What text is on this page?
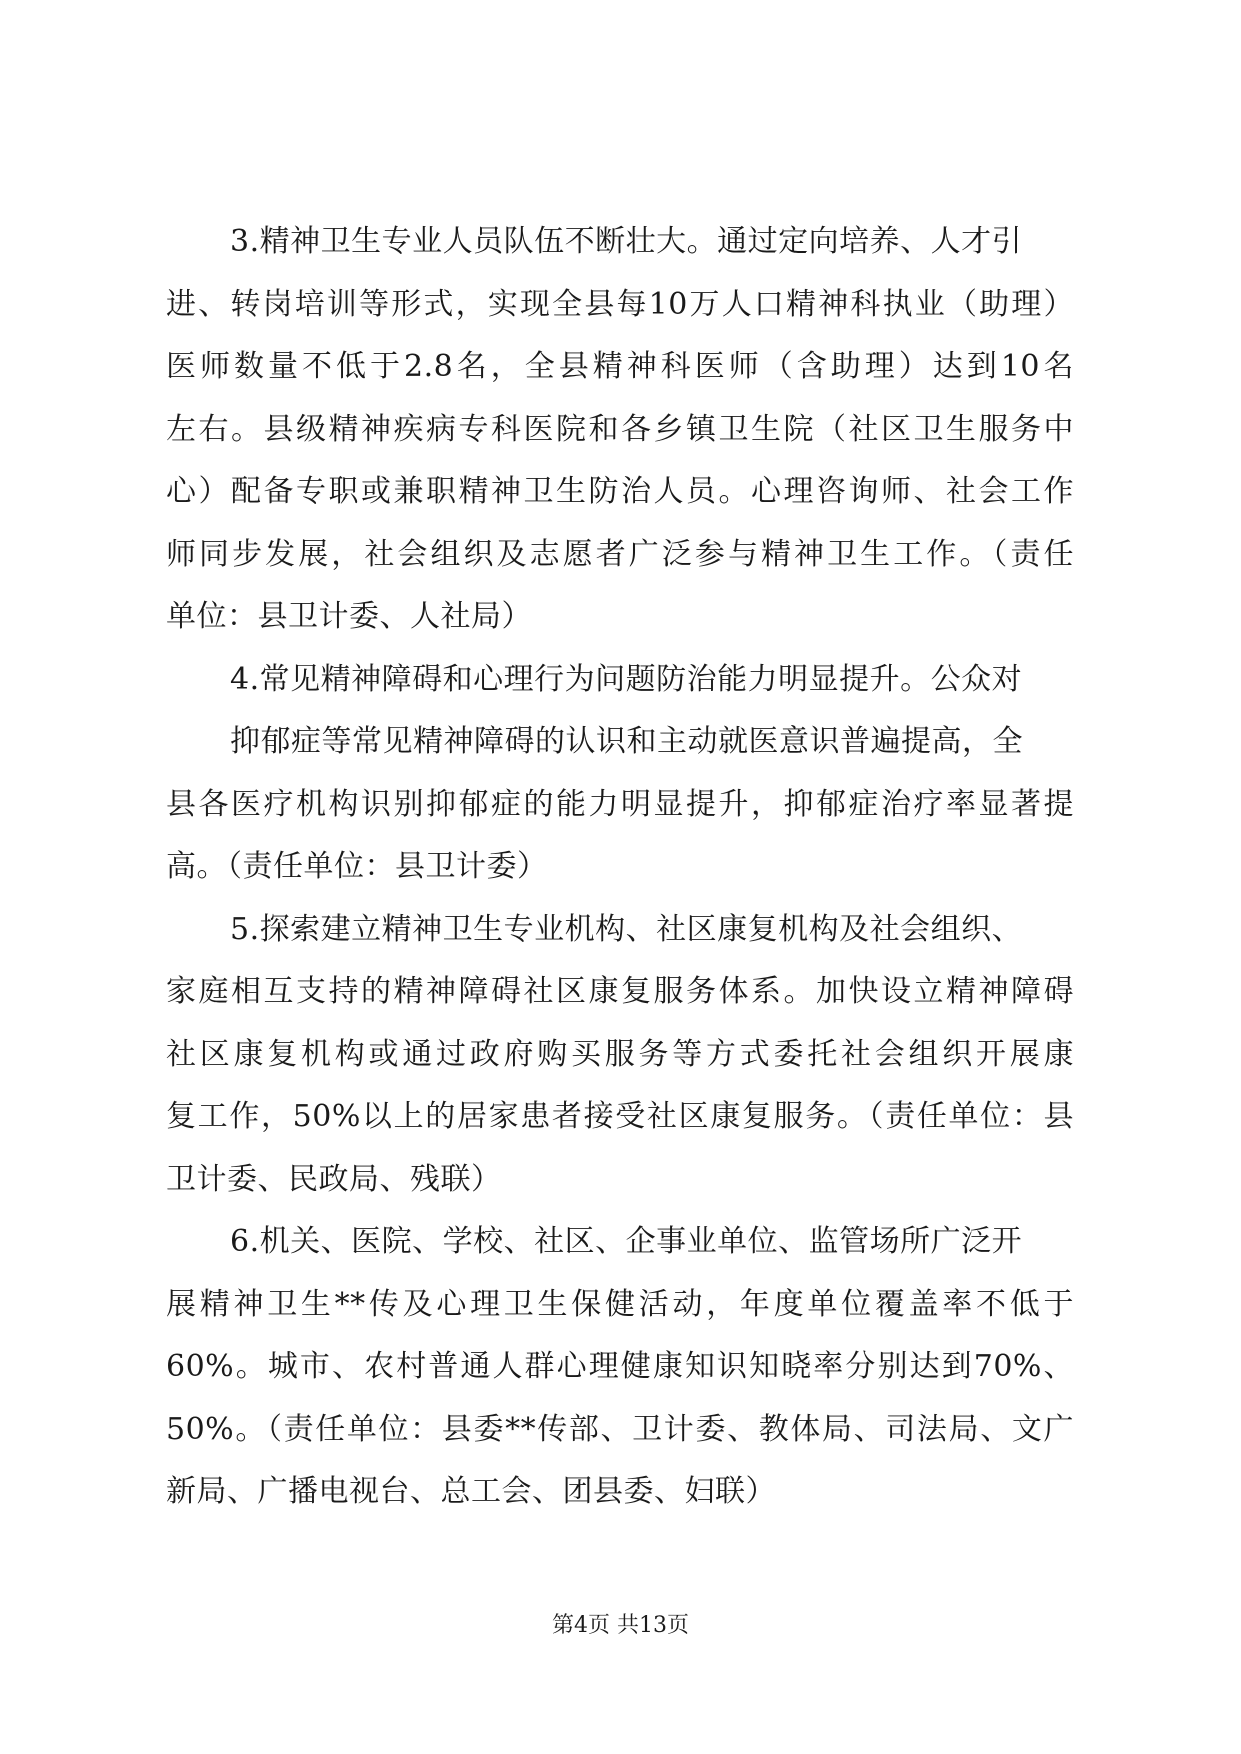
3.精神卫生专业人员队伍不断壮大。通过定向培养、人才引
进、转岗培训等形式，实现全县每10万人口精神科执业（助理）
医师数量不低于2.8名，全县精神科医师（含助理）达到10名
左右。县级精神疾病专科医院和各乡镇卫生院（社区卫生服务中
心）配备专职或兼职精神卫生防治人员。心理咨询师、社会工作
师同步发展，社会组织及志愿者广泛参与精神卫生工作。（责任
单位：县卫计委、人社局）
4.常见精神障碍和心理行为问题防治能力明显提升。公众对
抑郁症等常见精神障碍的认识和主动就医意识普遍提高，全
县各医疗机构识别抑郁症的能力明显提升，抑郁症治疗率显著提
高。（责任单位：县卫计委）
5.探索建立精神卫生专业机构、社区康复机构及社会组织、
家庭相互支持的精神障碍社区康复服务体系。加快设立精神障碍
社区康复机构或通过政府购买服务等方式委托社会组织开展康
复工作，50%以上的居家患者接受社区康复服务。（责任单位：县
卫计委、民政局、残联）
6.机关、医院、学校、社区、企事业单位、监管场所广泛开
展精神卫生**传及心理卫生保健活动，年度单位覆盖率不低于
60%。城市、农村普通人群心理健康知识知晓率分别达到70%、
50%。（责任单位：县委**传部、卫计委、教体局、司法局、文广
新局、广播电视台、总工会、团县委、妇联）
第4页 共13页
